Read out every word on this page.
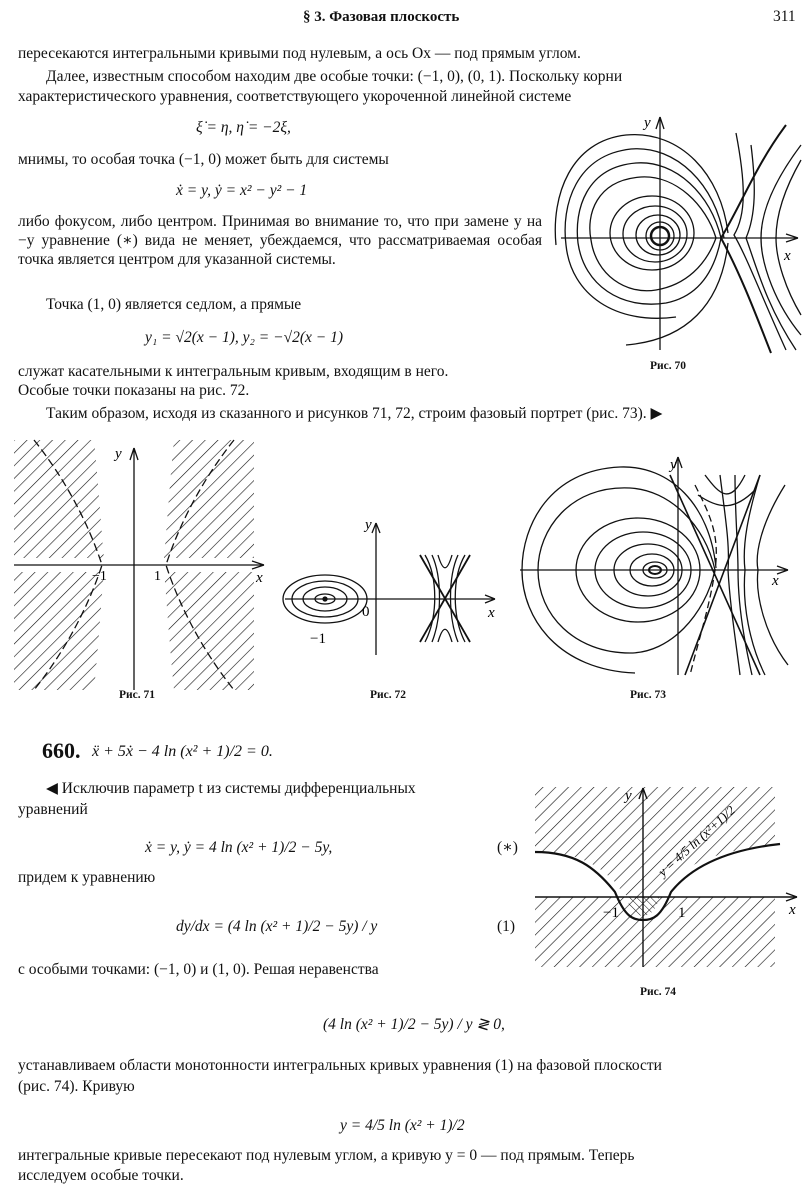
§ 3. Фазовая плоскость	311
пересекаются интегральными кривыми под нулевым, а ось Ox — под прямым углом.
Далее, известным способом находим две особые точки: (−1, 0), (0, 1). Поскольку корни
характеристического уравнения, соответствующего укороченной линейной системе
ξ̇ = η, η̇ = −2ξ,
мнимы, то особая точка (−1, 0) может быть для системы
ẋ = y, ẏ = x² − y² − 1
либо фокусом, либо центром. Принимая во внимание то, что при замене y на −y уравнение (∗) вида не меняет, убеждаемся, что рассматриваемая особая точка является центром для указанной системы.
Точка (1, 0) является седлом, а прямые
y₁ = √2(x − 1), y₂ = −√2(x − 1)
служат касательными к интегральным кривым, входящим в него.
Особые точки показаны на рис. 72.
Таким образом, исходя из сказанного и рисунков 71, 72, строим фазовый портрет (рис. 73). ▶
y
x
Рис. 70
y
x
−1	1
Рис. 71
y
x
0
−1
Рис. 72
y
x
Рис. 73
660. ẍ + 5ẋ − 4 ln (x² + 1)/2 = 0.
◀ Исключив параметр t из системы дифференциальных
уравнений
ẋ = y, ẏ = 4 ln (x² + 1)/2 − 5y,	(∗)
придем к уравнению
dy/dx = (4 ln (x² + 1)/2 − 5y) / y	(1)
с особыми точками: (−1, 0) и (1, 0). Решая неравенства
(4 ln (x² + 1)/2 − 5y) / y ≷ 0,
устанавливаем области монотонности интегральных кривых уравнения (1) на фазовой плоскости
(рис. 74). Кривую
y = 4/5 ln (x² + 1)/2
интегральные кривые пересекают под нулевым углом, а кривую y = 0 — под прямым. Теперь
исследуем особые точки.
y
x
−1	1
y = 4/5 ln (x²+1)/2
Рис. 74
